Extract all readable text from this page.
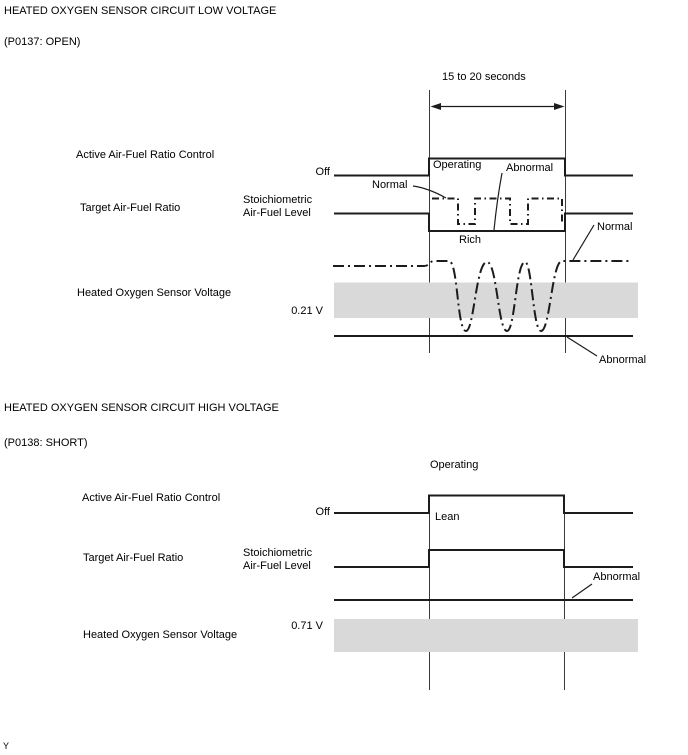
HEATED OXYGEN SENSOR CIRCUIT LOW VOLTAGE
(P0137: OPEN)
15 to 20 seconds
Active Air-Fuel Ratio Control
Off
Operating Abnormal
Normal
Target Air-Fuel Ratio
Stoichiometric
Air-Fuel Level
Rich
Normal
Heated Oxygen Sensor Voltage
0.21 V
Abnormal
HEATED OXYGEN SENSOR CIRCUIT HIGH VOLTAGE
(P0138: SHORT)
Operating
Active Air-Fuel Ratio Control
Off	Lean
Target Air-Fuel Ratio	Stoichiometric
Air-Fuel Level
Abnormal
Heated Oxygen Sensor Voltage
0.71 V
Y
